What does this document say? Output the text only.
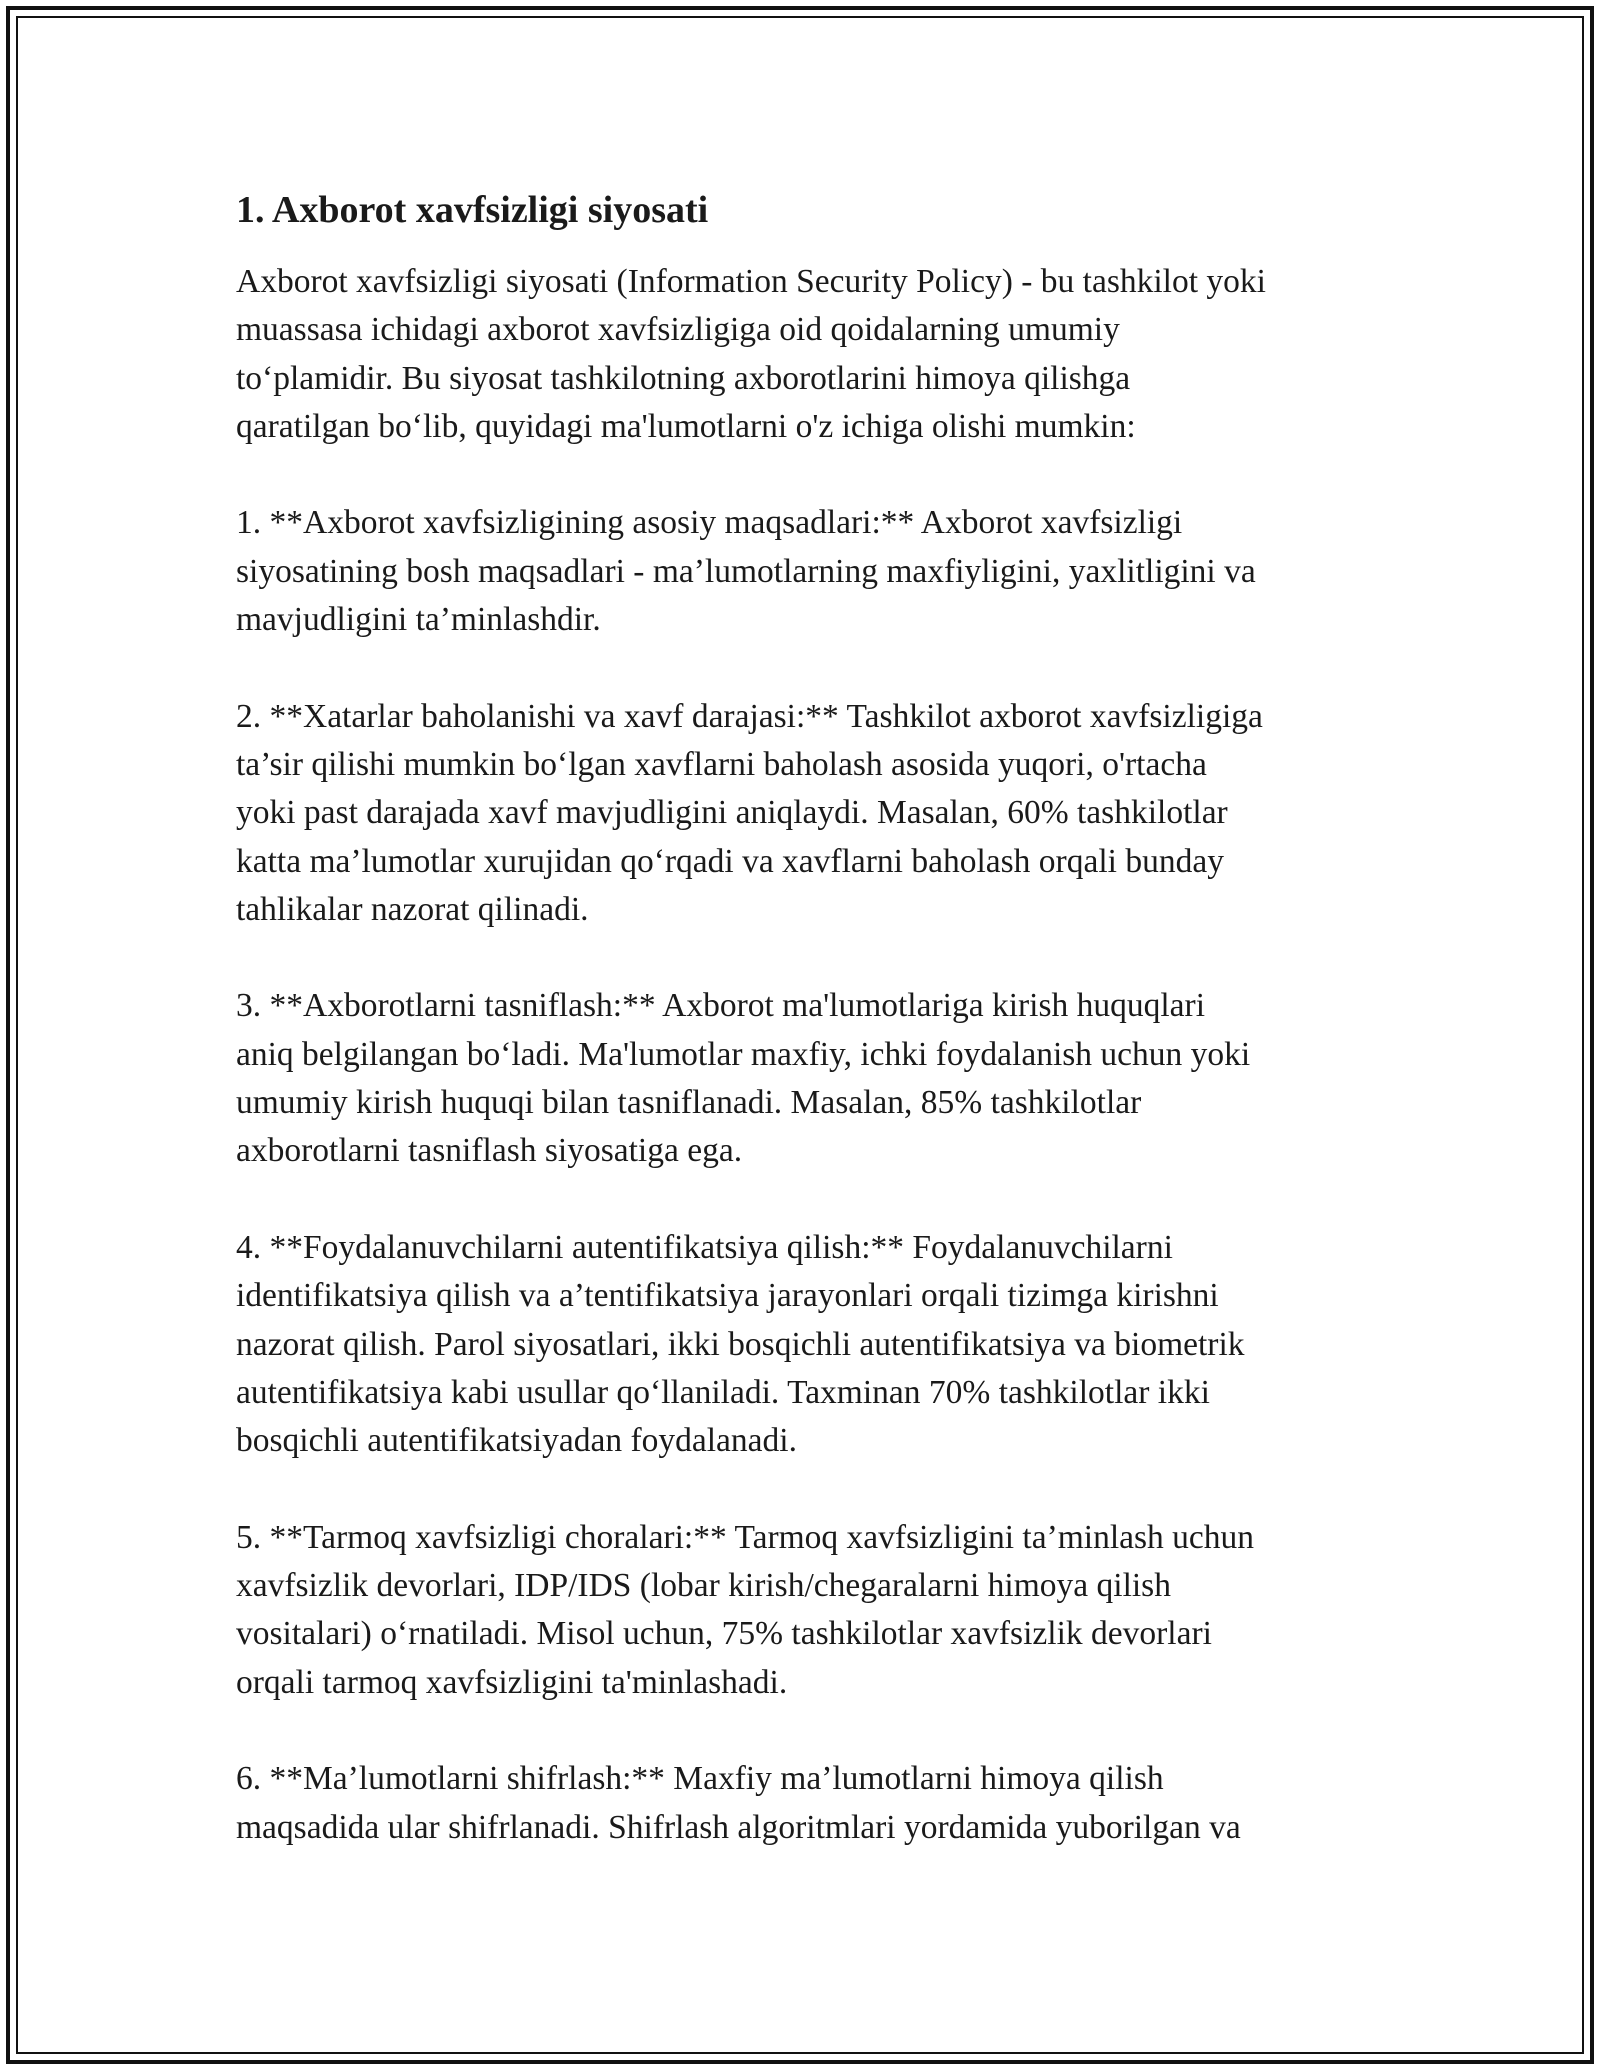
1. Axborot xavfsizligi siyosati
Axborot xavfsizligi siyosati (Information Security Policy) - bu tashkilot yoki
muassasa ichidagi axborot xavfsizligiga oid qoidalarning umumiy
to‘plamidir. Bu siyosat tashkilotning axborotlarini himoya qilishga
qaratilgan bo‘lib, quyidagi ma'lumotlarni o'z ichiga olishi mumkin:
1. **Axborot xavfsizligining asosiy maqsadlari:** Axborot xavfsizligi
siyosatining bosh maqsadlari - ma’lumotlarning maxfiyligini, yaxlitligini va
mavjudligini ta’minlashdir.
2. **Xatarlar baholanishi va xavf darajasi:** Tashkilot axborot xavfsizligiga
ta’sir qilishi mumkin bo‘lgan xavflarni baholash asosida yuqori, o'rtacha
yoki past darajada xavf mavjudligini aniqlaydi. Masalan, 60% tashkilotlar
katta ma’lumotlar xurujidan qo‘rqadi va xavflarni baholash orqali bunday
tahlikalar nazorat qilinadi.
3. **Axborotlarni tasniflash:** Axborot ma'lumotlariga kirish huquqlari
aniq belgilangan bo‘ladi. Ma'lumotlar maxfiy, ichki foydalanish uchun yoki
umumiy kirish huquqi bilan tasniflanadi. Masalan, 85% tashkilotlar
axborotlarni tasniflash siyosatiga ega.
4. **Foydalanuvchilarni autentifikatsiya qilish:** Foydalanuvchilarni
identifikatsiya qilish va a’tentifikatsiya jarayonlari orqali tizimga kirishni
nazorat qilish. Parol siyosatlari, ikki bosqichli autentifikatsiya va biometrik
autentifikatsiya kabi usullar qo‘llaniladi. Taxminan 70% tashkilotlar ikki
bosqichli autentifikatsiyadan foydalanadi.
5. **Tarmoq xavfsizligi choralari:** Tarmoq xavfsizligini ta’minlash uchun
xavfsizlik devorlari, IDP/IDS (lobar kirish/chegaralarni himoya qilish
vositalari) o‘rnatiladi. Misol uchun, 75% tashkilotlar xavfsizlik devorlari
orqali tarmoq xavfsizligini ta'minlashadi.
6. **Ma’lumotlarni shifrlash:** Maxfiy ma’lumotlarni himoya qilish
maqsadida ular shifrlanadi. Shifrlash algoritmlari yordamida yuborilgan va
